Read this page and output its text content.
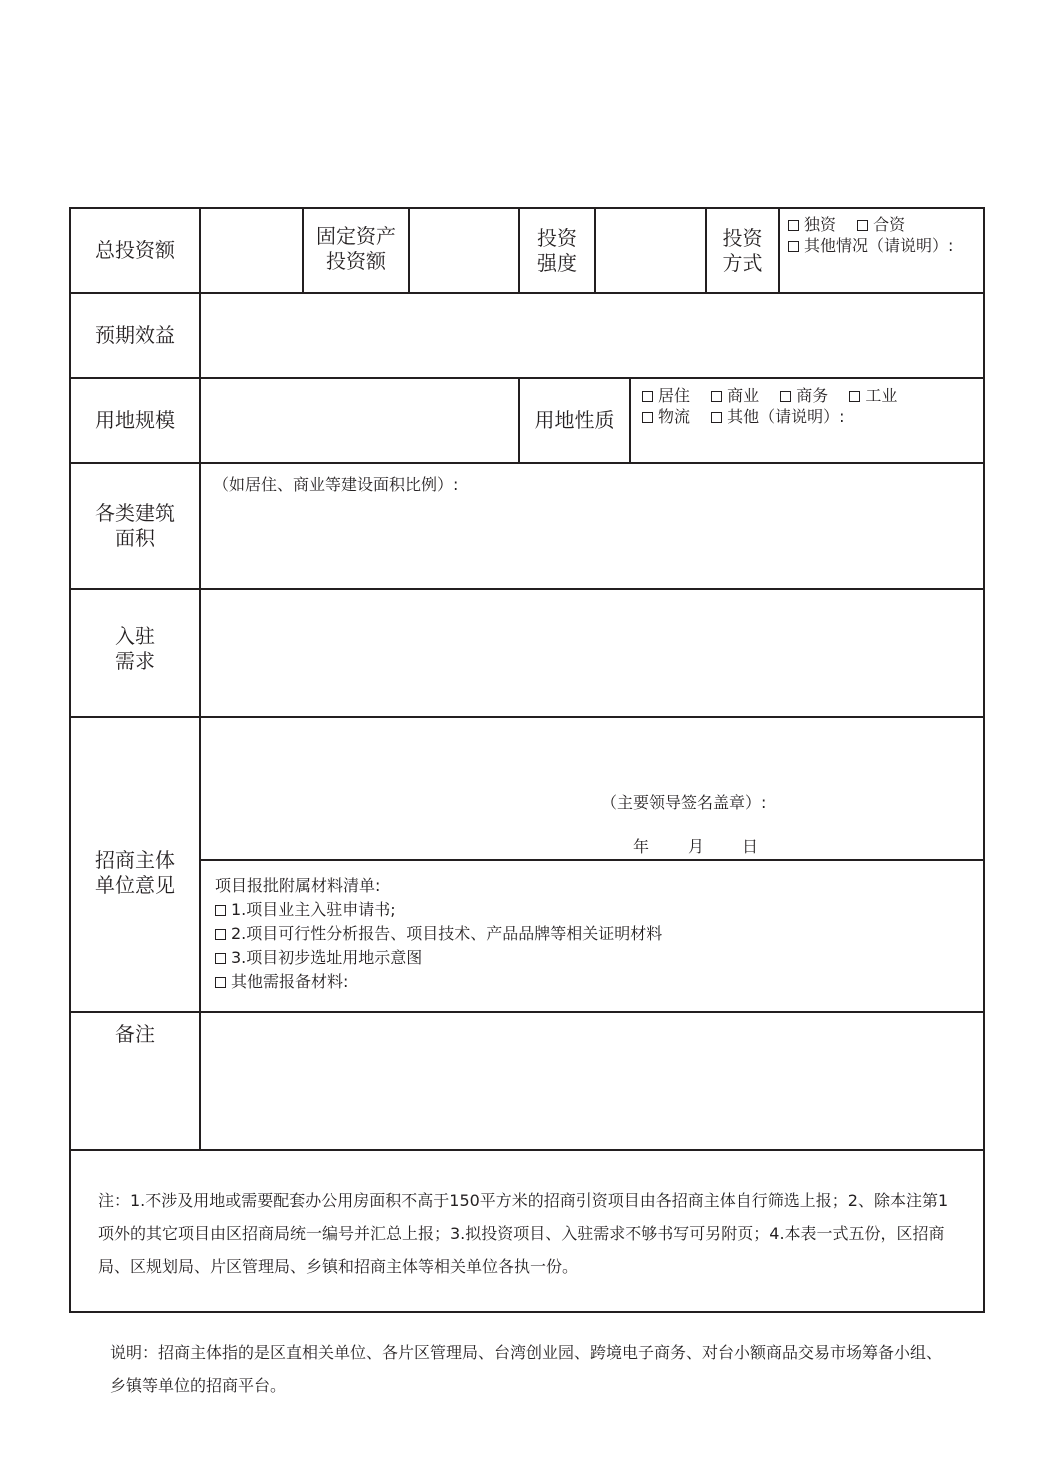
总投资额
固定资产
投资额
投资
强度
投资
方式
独资 合资
其他情况（请说明）:
预期效益
用地规模	用地性质
居住 商业 商务 工业
物流 其他（请说明）:
各类建筑
面积
（如居住、商业等建设面积比例）:
入驻
需求
招商主体
单位意见
（主要领导签名盖章）:
年 月 日
项目报批附属材料清单:
1.项目业主入驻申请书;
2.项目可行性分析报告、项目技术、产品品牌等相关证明材料
3.项目初步选址用地示意图
其他需报备材料:
备注
注：1.不涉及用地或需要配套办公用房面积不高于150平方米的招商引资项目由各招商主体自行筛选上报；2、除本注第1项外的其它项目由区招商局统一编号并汇总上报；3.拟投资项目、入驻需求不够书写可另附页；4.本表一式五份，区招商局、区规划局、片区管理局、乡镇和招商主体等相关单位各执一份。
说明：招商主体指的是区直相关单位、各片区管理局、台湾创业园、跨境电子商务、对台小额商品交易市场筹备小组、乡镇等单位的招商平台。
